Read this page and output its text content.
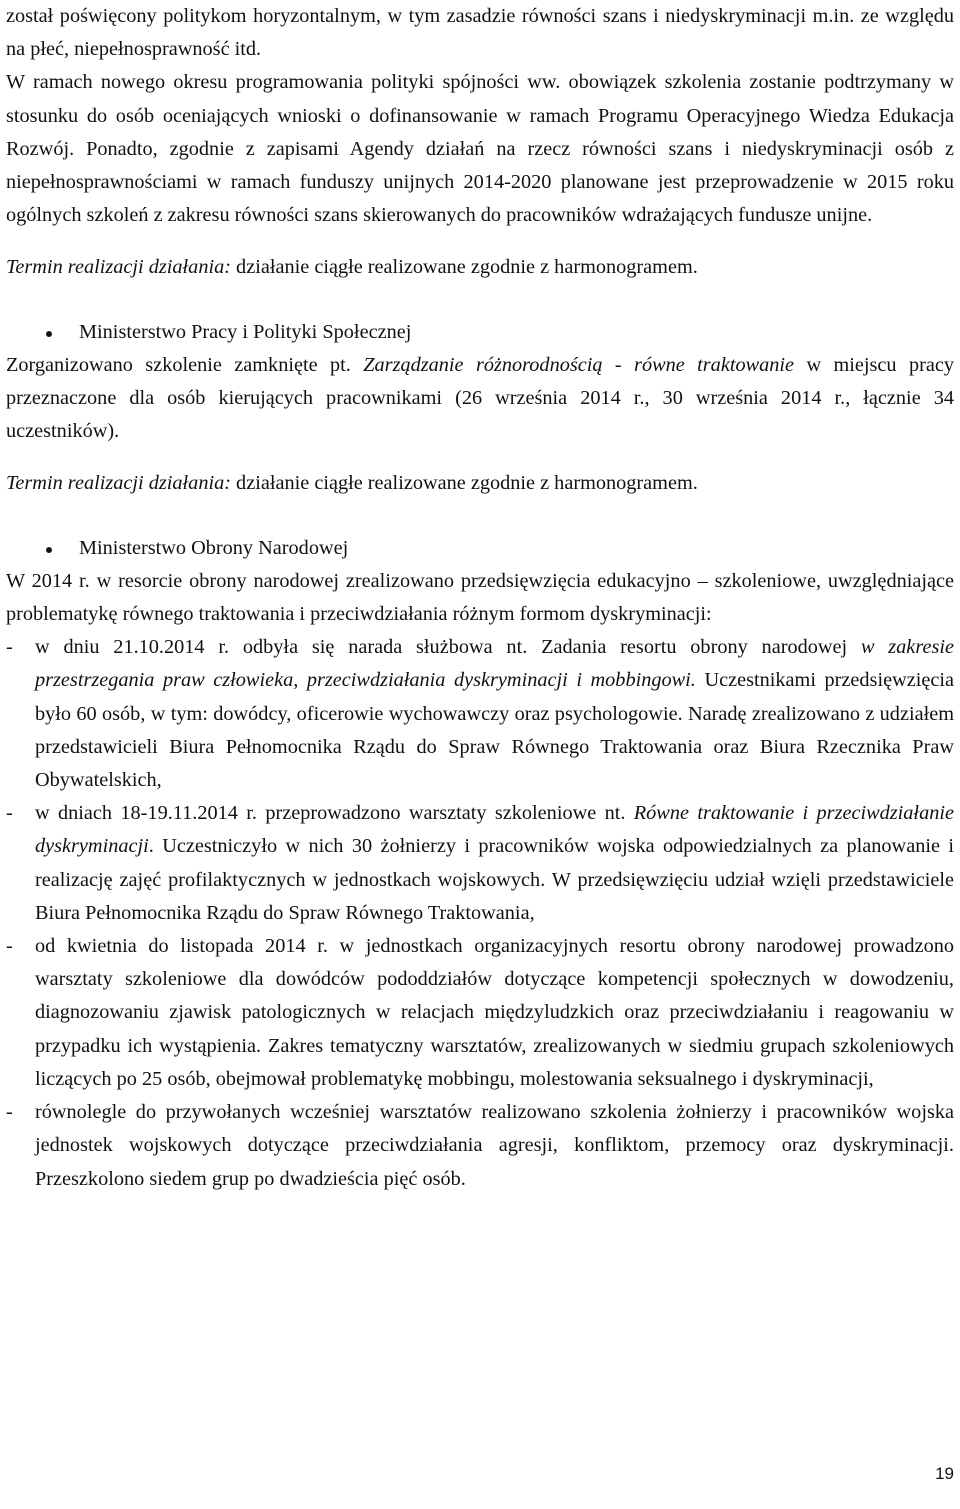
został poświęcony politykom horyzontalnym, w tym zasadzie równości szans i niedyskryminacji m.in. ze względu na płeć, niepełnosprawność itd.

W ramach nowego okresu programowania polityki spójności ww. obowiązek szkolenia zostanie podtrzymany w stosunku do osób oceniających wnioski o dofinansowanie w ramach Programu Operacyjnego Wiedza Edukacja Rozwój. Ponadto, zgodnie z zapisami Agendy działań na rzecz równości szans i niedyskryminacji osób z niepełnosprawnościami w ramach funduszy unijnych 2014-2020 planowane jest przeprowadzenie w 2015 roku ogólnych szkoleń z zakresu równości szans skierowanych do pracowników wdrażających fundusze unijne.

Termin realizacji działania: działanie ciągłe realizowane zgodnie z harmonogramem.

Ministerstwo Pracy i Polityki Społecznej

Zorganizowano szkolenie zamknięte pt. Zarządzanie różnorodnością - równe traktowanie w miejscu pracy przeznaczone dla osób kierujących pracownikami (26 września 2014 r., 30 września 2014 r., łącznie 34 uczestników).

Termin realizacji działania: działanie ciągłe realizowane zgodnie z harmonogramem.

Ministerstwo Obrony Narodowej

W 2014 r. w resorcie obrony narodowej zrealizowano przedsięwzięcia edukacyjno – szkoleniowe, uwzględniające problematykę równego traktowania i przeciwdziałania różnym formom dyskryminacji:

- w dniu 21.10.2014 r. odbyła się narada służbowa nt. Zadania resortu obrony narodowej w zakresie przestrzegania praw człowieka, przeciwdziałania dyskryminacji i mobbingowi. Uczestnikami przedsięwzięcia było 60 osób, w tym: dowódcy, oficerowie wychowawczy oraz psychologowie. Naradę zrealizowano z udziałem przedstawicieli Biura Pełnomocnika Rządu do Spraw Równego Traktowania oraz Biura Rzecznika Praw Obywatelskich,
- w dniach 18-19.11.2014 r. przeprowadzono warsztaty szkoleniowe nt. Równe traktowanie i przeciwdziałanie dyskryminacji. Uczestniczyło w nich 30 żołnierzy i pracowników wojska odpowiedzialnych za planowanie i realizację zajęć profilaktycznych w jednostkach wojskowych. W przedsięwzięciu udział wzięli przedstawiciele Biura Pełnomocnika Rządu do Spraw Równego Traktowania,
- od kwietnia do listopada 2014 r. w jednostkach organizacyjnych resortu obrony narodowej prowadzono warsztaty szkoleniowe dla dowódców pododdziałów dotyczące kompetencji społecznych w dowodzeniu, diagnozowaniu zjawisk patologicznych w relacjach międzyludzkich oraz przeciwdziałaniu i reagowaniu w przypadku ich wystąpienia. Zakres tematyczny warsztatów, zrealizowanych w siedmiu grupach szkoleniowych liczących po 25 osób, obejmował problematykę mobbingu, molestowania seksualnego i dyskryminacji,
- równolegle do przywołanych wcześniej warsztatów realizowano szkolenia żołnierzy i pracowników wojska jednostek wojskowych dotyczące przeciwdziałania agresji, konfliktom, przemocy oraz dyskryminacji. Przeszkolono siedem grup po dwadzieścia pięć osób.
19
